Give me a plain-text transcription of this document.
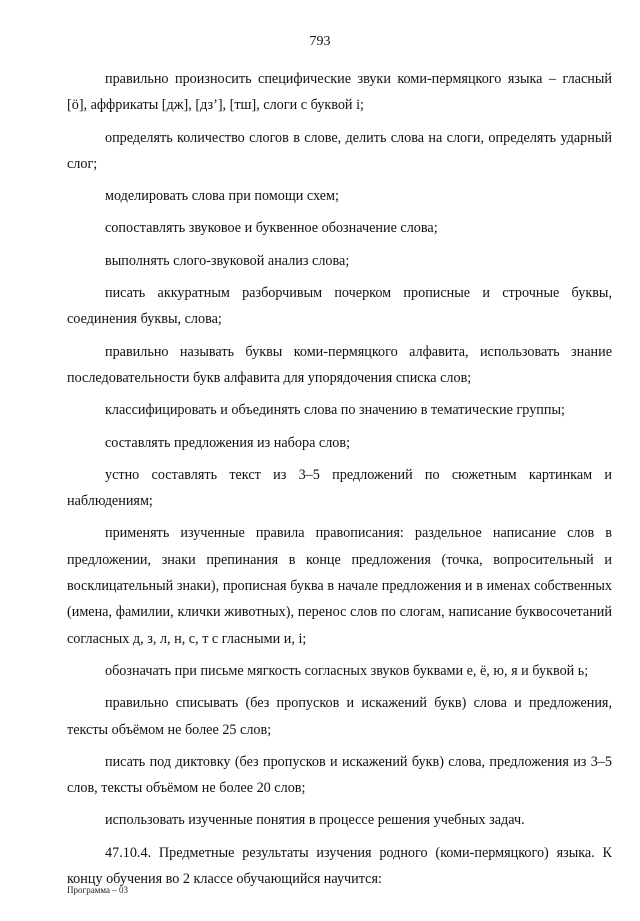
793

правильно произносить специфические звуки коми-пермяцкого языка – гласный [ö], аффрикаты [дж], [дз’], [тш], слоги с буквой i;

определять количество слогов в слове, делить слова на слоги, определять ударный слог;

моделировать слова при помощи схем;

сопоставлять звуковое и буквенное обозначение слова;

выполнять слого-звуковой анализ слова;

писать аккуратным разборчивым почерком прописные и строчные буквы, соединения буквы, слова;

правильно называть буквы коми-пермяцкого алфавита, использовать знание последовательности букв алфавита для упорядочения списка слов;

классифицировать и объединять слова по значению в тематические группы;

составлять предложения из набора слов;

устно составлять текст из 3–5 предложений по сюжетным картинкам и наблюдениям;

применять изученные правила правописания: раздельное написание слов в предложении, знаки препинания в конце предложения (точка, вопросительный и восклицательный знаки), прописная буква в начале предложения и в именах собственных (имена, фамилии, клички животных), перенос слов по слогам, написание буквосочетаний согласных д, з, л, н, с, т с гласными и, i;

обозначать при письме мягкость согласных звуков буквами е, ё, ю, я и буквой ь;

правильно списывать (без пропусков и искажений букв) слова и предложения, тексты объёмом не более 25 слов;

писать под диктовку (без пропусков и искажений букв) слова, предложения из 3–5 слов, тексты объёмом не более 20 слов;

использовать изученные понятия в процессе решения учебных задач.

47.10.4. Предметные результаты изучения родного (коми-пермяцкого) языка. К концу обучения во 2 классе обучающийся научится:

Программа – 03
